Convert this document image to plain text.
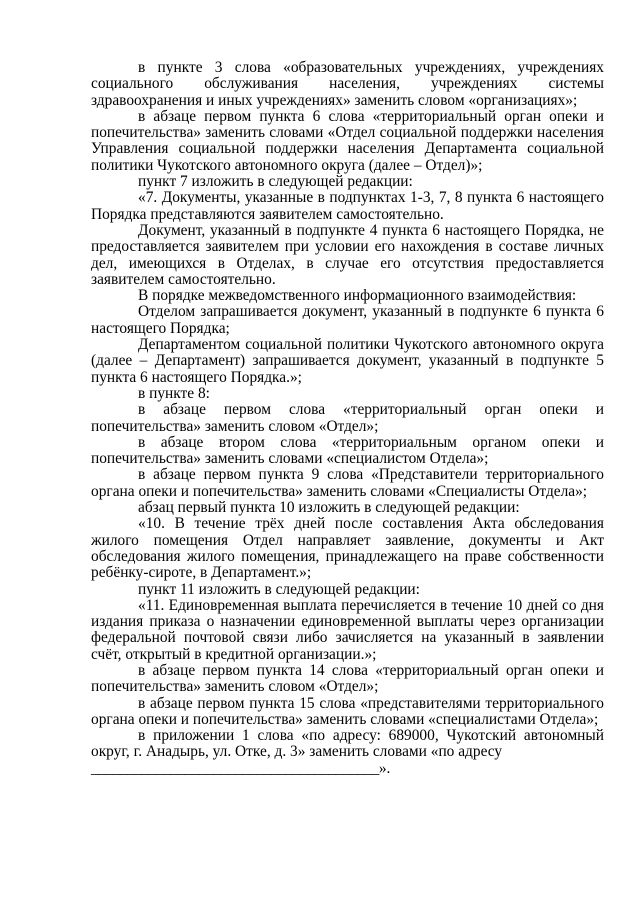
в пункте 3 слова «образовательных учреждениях, учреждениях социального обслуживания населения, учреждениях системы здравоохранения и иных учреждениях» заменить словом «организациях»;

в абзаце первом пункта 6 слова «территориальный орган опеки и попечительства» заменить словами «Отдел социальной поддержки населения Управления социальной поддержки населения Департамента социальной политики Чукотского автономного округа (далее – Отдел)»;

пункт 7 изложить в следующей редакции:

«7. Документы, указанные в подпунктах 1-3, 7, 8 пункта 6 настоящего Порядка представляются заявителем самостоятельно.

Документ, указанный в подпункте 4 пункта 6 настоящего Порядка, не предоставляется заявителем при условии его нахождения в составе личных дел, имеющихся в Отделах, в случае его отсутствия предоставляется заявителем самостоятельно.

В порядке межведомственного информационного взаимодействия:

Отделом запрашивается документ, указанный в подпункте 6 пункта 6 настоящего Порядка;

Департаментом социальной политики Чукотского автономного округа (далее – Департамент) запрашивается документ, указанный в подпункте 5 пункта 6 настоящего Порядка.»;

в пункте 8:

в абзаце первом слова «территориальный орган опеки и попечительства» заменить словом «Отдел»;

в абзаце втором слова «территориальным органом опеки и попечительства» заменить словами «специалистом Отдела»;

в абзаце первом пункта 9 слова «Представители территориального органа опеки и попечительства» заменить словами «Специалисты Отдела»;

абзац первый пункта 10 изложить в следующей редакции:

«10. В течение трёх дней после составления Акта обследования жилого помещения Отдел направляет заявление, документы и Акт обследования жилого помещения, принадлежащего на праве собственности ребёнку-сироте, в Департамент.»;

пункт 11 изложить в следующей редакции:

«11. Единовременная выплата перечисляется в течение 10 дней со дня издания приказа о назначении единовременной выплаты через организации федеральной почтовой связи либо зачисляется на указанный в заявлении счёт, открытый в кредитной организации.»;

в абзаце первом пункта 14 слова «территориальный орган опеки и попечительства» заменить словом «Отдел»;

в абзаце первом пункта 15 слова «представителями территориального органа опеки и попечительства» заменить словами «специалистами Отдела»;

в приложении 1 слова «по адресу: 689000, Чукотский автономный округ, г. Анадырь, ул. Отке, д. 3» заменить словами «по адресу

________________________________________».
